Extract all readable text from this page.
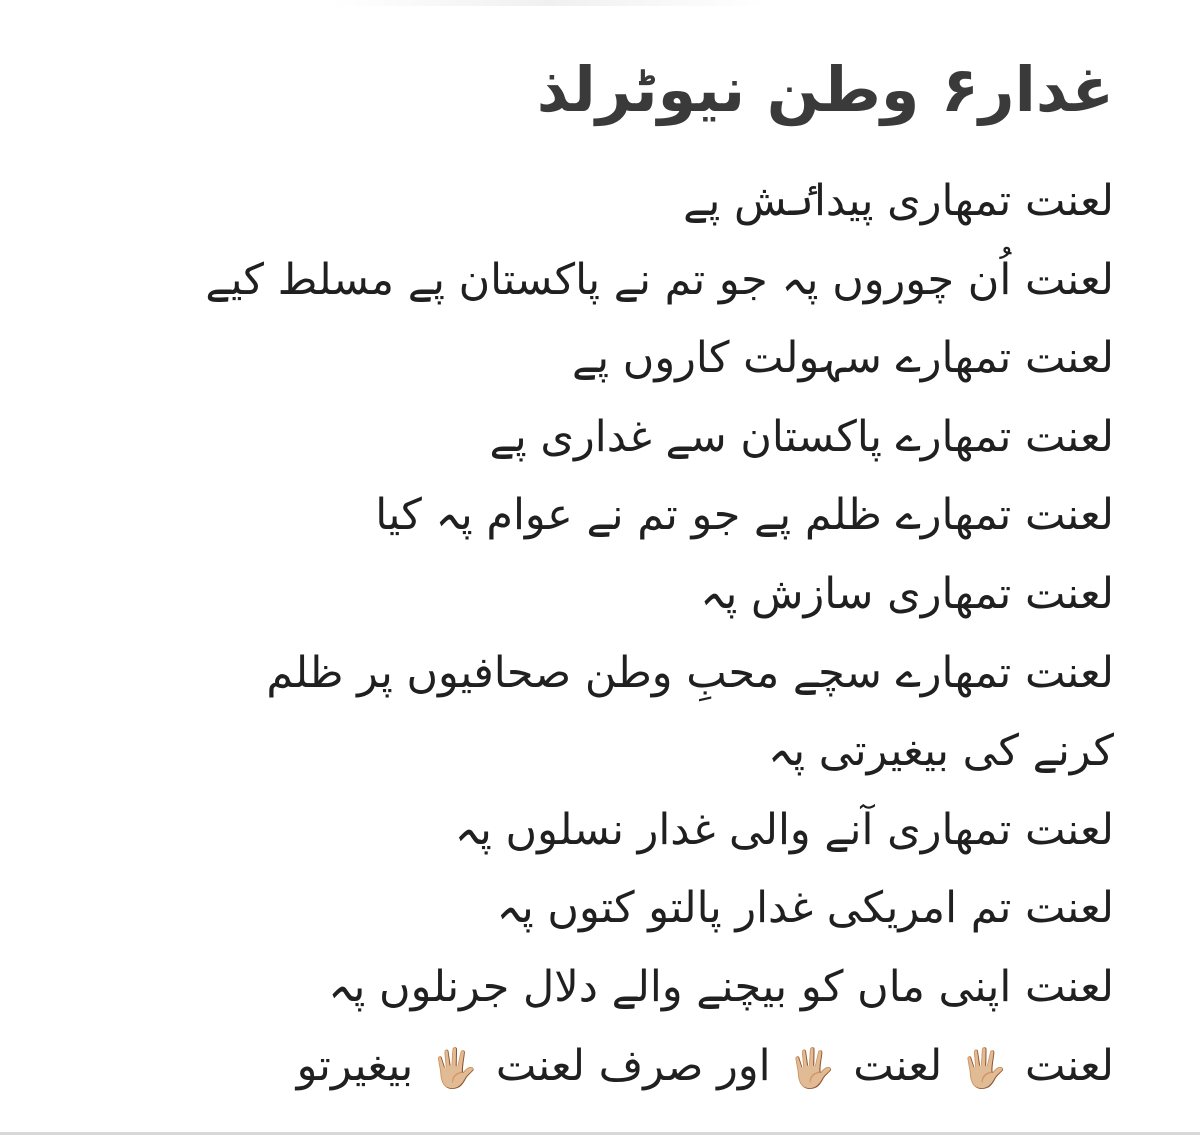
غدار۶ وطن نیوٹرلذ
لعنت تمھاری پیداٸش پے
لعنت اُن چوروں پہ جو تم نے پاکستان پے مسلط کیے
لعنت تمھارے سہولت کاروں پے
لعنت تمھارے پاکستان سے غداری پے
لعنت تمھارے ظلم پے جو تم نے عوام پہ کیا
لعنت تمھاری سازش پہ
لعنت تمھارے سچے محبِ وطن صحافیوں پر ظلم
کرنے کی بیغیرتی پہ
لعنت تمھاری آنے والی غدار نسلوں پہ
لعنت تم امریکی غدار پالتو کتوں پہ
لعنت اپنی ماں کو بیچنے والے دلال جرنلوں پہ
لعنت 🖐🏼 لعنت 🖐🏼 اور صرف لعنت 🖐🏼 بیغیرتو
